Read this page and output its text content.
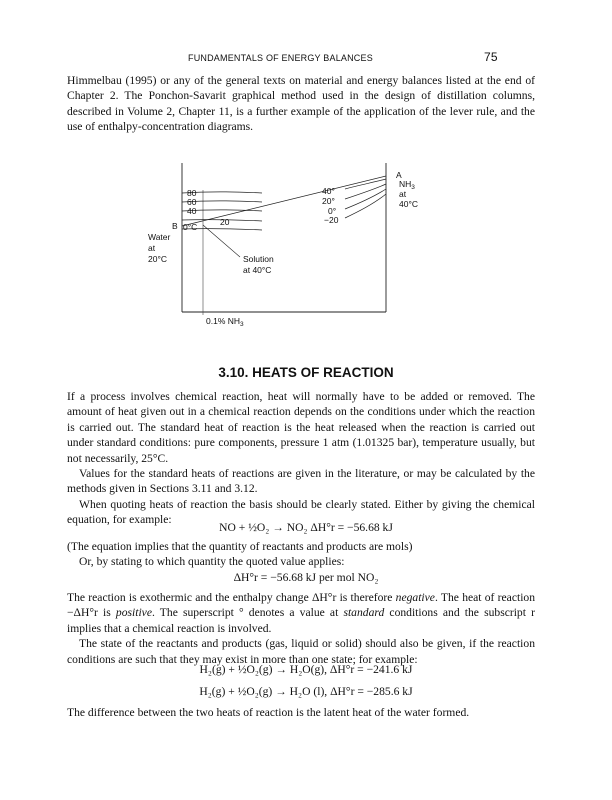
FUNDAMENTALS OF ENERGY BALANCES	75

Himmelbau (1995) or any of the general texts on material and energy balances listed at the end of Chapter 2. The Ponchon-Savarit graphical method used in the design of distillation columns, described in Volume 2, Chapter 11, is a further example of the application of the lever rule, and the use of enthalpy-concentration diagrams.

80
60
40
B 0°C	20
Water
at
20°C	Solution
at 40°C
40°
20°
0°
−20
A
$NH_3$
at
40°C
0.1% $NH_3$
3.10. HEATS OF REACTION

If a process involves chemical reaction, heat will normally have to be added or removed. The amount of heat given out in a chemical reaction depends on the conditions under which the reaction is carried out. The standard heat of reaction is the heat released when the reaction is carried out under standard conditions: pure components, pressure 1 atm (1.01325 bar), temperature usually, but not necessarily, 25°C.

Values for the standard heats of reactions are given in the literature, or may be calculated by the methods given in Sections 3.11 and 3.12.

When quoting heats of reaction the basis should be clearly stated. Either by giving the chemical equation, for example:

NO + ½O₂ → NO₂ ΔH°r = −56.68 kJ
(The equation implies that the quantity of reactants and products are mols)
Or, by stating to which quantity the quoted value applies:
ΔH°r = −56.68 kJ per mol NO₂

The reaction is exothermic and the enthalpy change ΔH°r is therefore negative. The heat of reaction −ΔH°r is positive. The superscript ° denotes a value at standard conditions and the subscript r implies that a chemical reaction is involved.

The state of the reactants and products (gas, liquid or solid) should also be given, if the reaction conditions are such that they may exist in more than one state; for example:

H₂(g) + ½O₂(g) → H₂O(g), ΔH°r = −241.6 kJ
H₂(g) + ½O₂(g) → H₂O (l), ΔH°r = −285.6 kJ
The difference between the two heats of reaction is the latent heat of the water formed.
